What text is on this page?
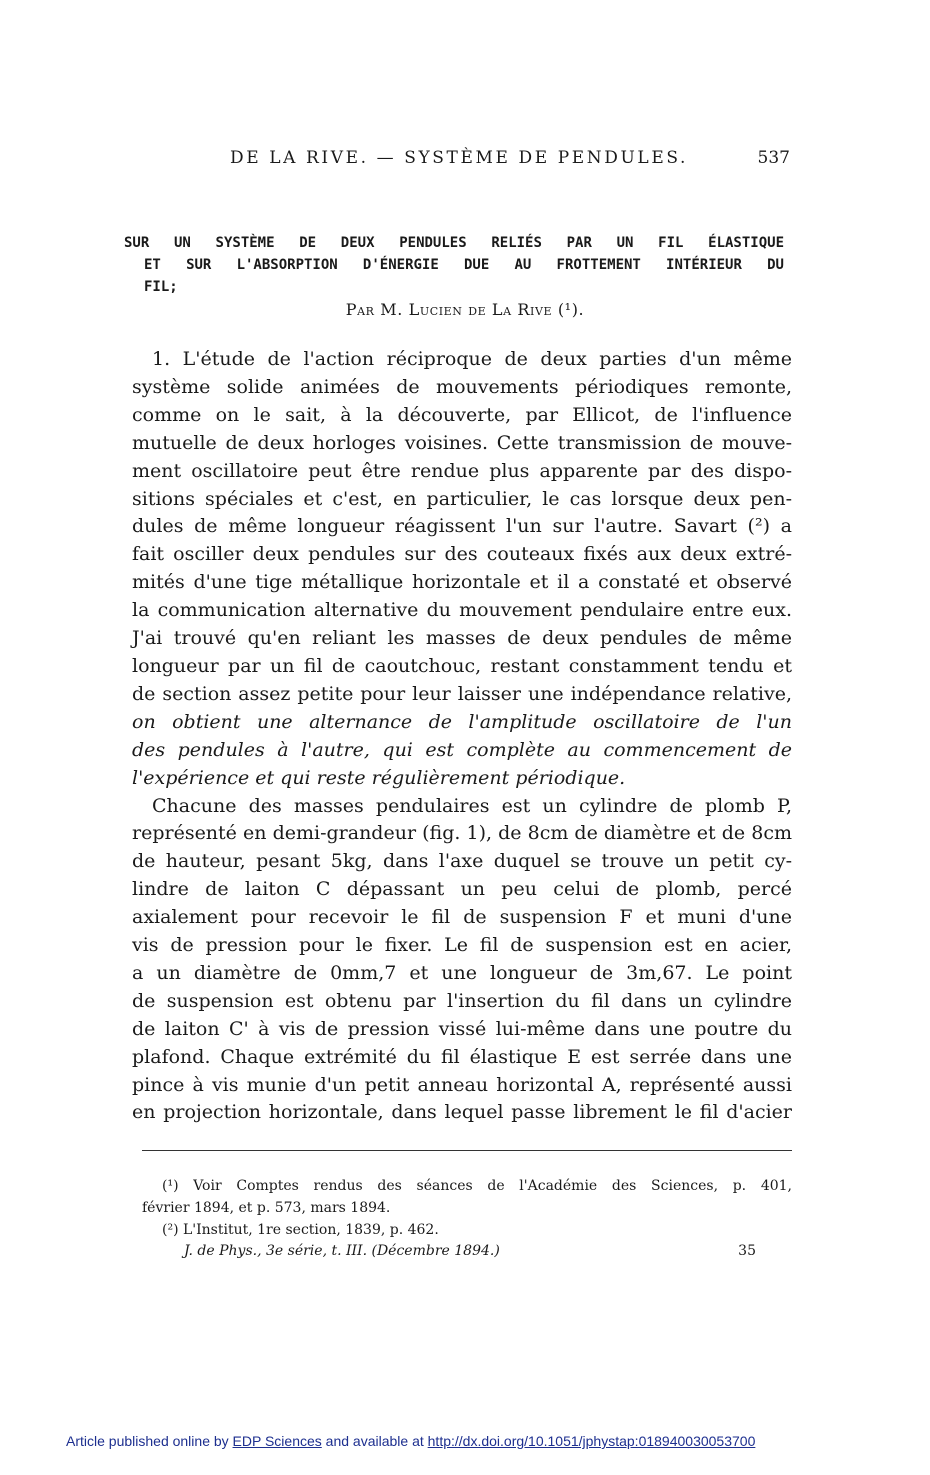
DE LA RIVE. — SYSTÈME DE PENDULES.	537
SUR UN SYSTÈME DE DEUX PENDULES RELIÉS PAR UN FIL ÉLASTIQUE
ET SUR L'ABSORPTION D'ÉNERGIE DUE AU FROTTEMENT INTÉRIEUR DU
FIL;
Par M. Lucien de La Rive (¹).
1. L'étude de l'action réciproque de deux parties d'un même
système solide animées de mouvements périodiques remonte,
comme on le sait, à la découverte, par Ellicot, de l'influence
mutuelle de deux horloges voisines. Cette transmission de mouve-
ment oscillatoire peut être rendue plus apparente par des dispo-
sitions spéciales et c'est, en particulier, le cas lorsque deux pen-
dules de même longueur réagissent l'un sur l'autre. Savart (²) a
fait osciller deux pendules sur des couteaux fixés aux deux extré-
mités d'une tige métallique horizontale et il a constaté et observé
la communication alternative du mouvement pendulaire entre eux.
J'ai trouvé qu'en reliant les masses de deux pendules de même
longueur par un fil de caoutchouc, restant constamment tendu et
de section assez petite pour leur laisser une indépendance relative,
on obtient une alternance de l'amplitude oscillatoire de l'un
des pendules à l'autre, qui est complète au commencement de
l'expérience et qui reste régulièrement périodique.
Chacune des masses pendulaires est un cylindre de plomb P,
représenté en demi-grandeur (fig. 1), de 8cm de diamètre et de 8cm
de hauteur, pesant 5kg, dans l'axe duquel se trouve un petit cy-
lindre de laiton C dépassant un peu celui de plomb, percé
axialement pour recevoir le fil de suspension F et muni d'une
vis de pression pour le fixer. Le fil de suspension est en acier,
a un diamètre de 0mm,7 et une longueur de 3m,67. Le point
de suspension est obtenu par l'insertion du fil dans un cylindre
de laiton C' à vis de pression vissé lui-même dans une poutre du
plafond. Chaque extrémité du fil élastique E est serrée dans une
pince à vis munie d'un petit anneau horizontal A, représenté aussi
en projection horizontale, dans lequel passe librement le fil d'acier
(¹) Voir Comptes rendus des séances de l'Académie des Sciences, p. 401,
février 1894, et p. 573, mars 1894.
(²) L'Institut, 1re section, 1839, p. 462.
J. de Phys., 3e série, t. III. (Décembre 1894.)	35
Article published online by EDP Sciences and available at http://dx.doi.org/10.1051/jphystap:018940030053700
